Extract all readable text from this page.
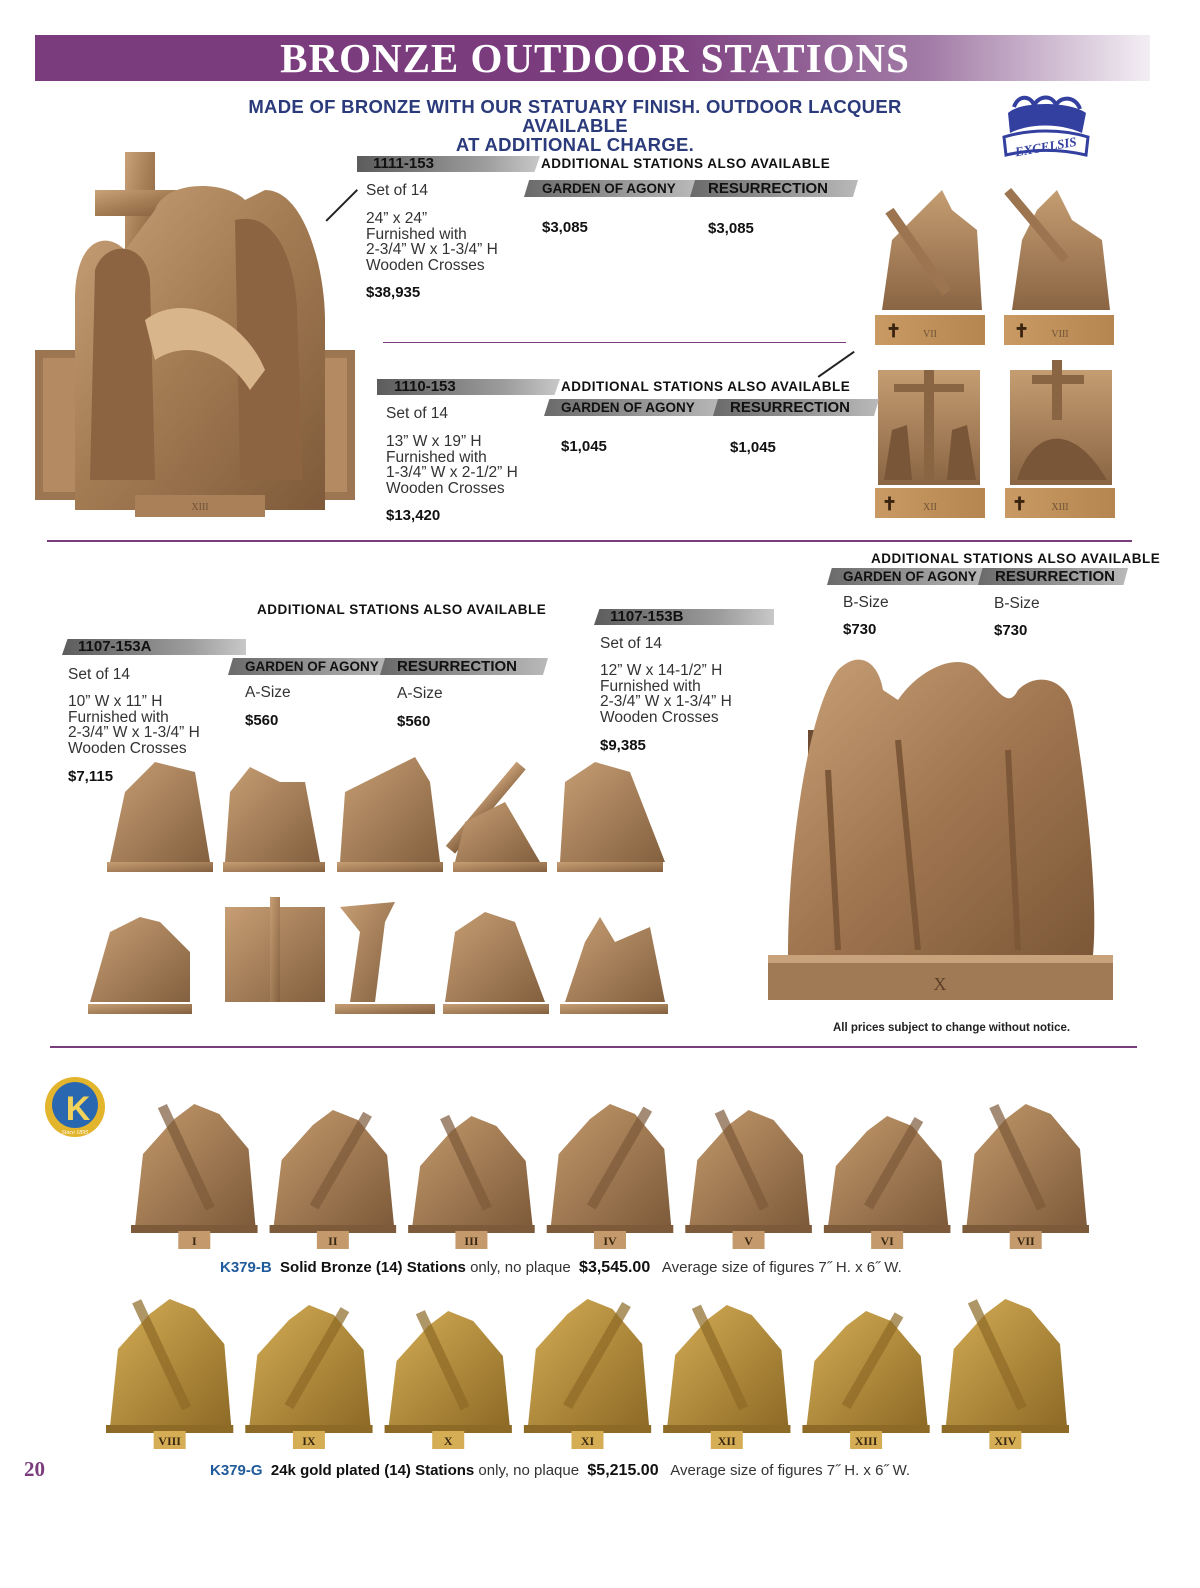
BRONZE OUTDOOR STATIONS
MADE OF BRONZE WITH OUR STATUARY FINISH. OUTDOOR LACQUER AVAILABLE
AT ADDITIONAL CHARGE.	EXCELSIS
XIII
1111-153
Set of 14
24” x 24”
Furnished with
2-3/4” W x 1-3/4” H
Wooden Crosses
$38,935
ADDITIONAL STATIONS ALSO AVAILABLE
GARDEN OF AGONY RESURRECTION
$3,085	$3,085
✝ VII	✝ VIII
✝	XII	✝ XIII
1110-153
Set of 14
13” W x 19” H
Furnished with
1-3/4” W x 2-1/2” H
Wooden Crosses
$13,420
ADDITIONAL STATIONS ALSO AVAILABLE
GARDEN OF AGONY RESURRECTION
$1,045	$1,045
ADDITIONAL STATIONS ALSO AVAILABLE
GARDEN OF AGONY RESURRECTION
B-Size	B-Size
$730	$730
ADDITIONAL STATIONS ALSO AVAILABLE
1107-153A
Set of 14
10” W x 11” H
Furnished with
2-3/4” W x 1-3/4” H
Wooden Crosses
$7,115
GARDEN OF AGONY RESURRECTION
A-Size	A-Size
$560	$560
1107-153B
Set of 14
12” W x 14-1/2” H
Furnished with
2-3/4” W x 1-3/4” H
Wooden Crosses
$9,385
X
All prices subject to change without notice.
K
Since 1895
I	II	III	IV	V	VI	VII
K379-B Solid Bronze (14) Stations only, no plaque $3,545.00 Average size of figures 7˝ H. x 6˝ W.
VIII	IX	X	XI	XII	XIII	XIV
K379-G 24k gold plated (14) Stations only, no plaque $5,215.00 Average size of figures 7˝ H. x 6˝ W.
20
